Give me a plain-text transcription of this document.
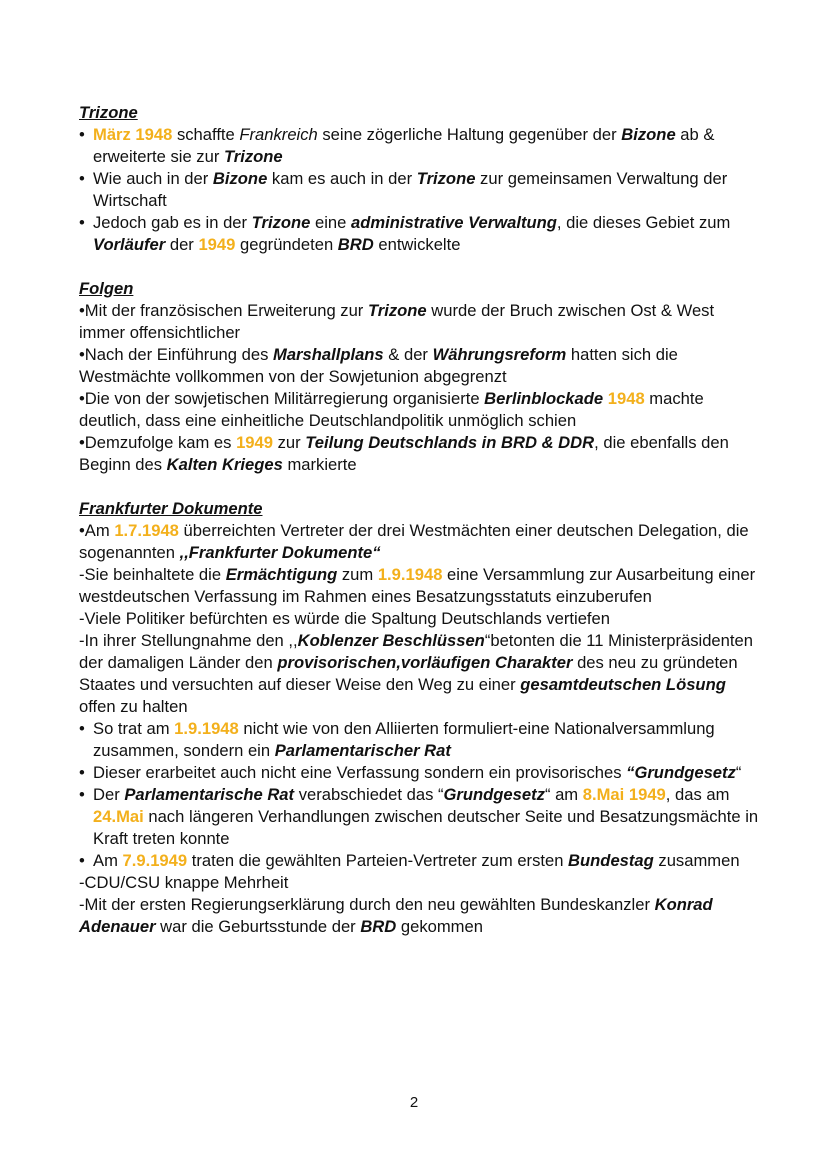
Trizone
• März 1948 schaffte Frankreich seine zögerliche Haltung gegenüber der Bizone ab & erweiterte sie zur Trizone
• Wie auch in der Bizone kam es auch in der Trizone zur gemeinsamen Verwaltung der Wirtschaft
• Jedoch gab es in der Trizone eine administrative Verwaltung, die dieses Gebiet zum Vorläufer der 1949 gegründeten BRD entwickelte
Folgen

•Mit der französischen Erweiterung zur Trizone wurde der Bruch zwischen Ost & West immer offensichtlicher

•Nach der Einführung des Marshallplans & der Währungsreform hatten sich die Westmächte vollkommen von der Sowjetunion abgegrenzt

•Die von der sowjetischen Militärregierung organisierte Berlinblockade 1948 machte deutlich, dass eine einheitliche Deutschlandpolitik unmöglich schien

•Demzufolge kam es 1949 zur Teilung Deutschlands in BRD & DDR, die ebenfalls den Beginn des Kalten Krieges markierte

Frankfurter Dokumente

•Am 1.7.1948 überreichten Vertreter der drei Westmächten einer deutschen Delegation, die sogenannten ,,Frankfurter Dokumente“

-Sie beinhaltete die Ermächtigung zum 1.9.1948 eine Versammlung zur Ausarbeitung einer westdeutschen Verfassung im Rahmen eines Besatzungsstatuts einzuberufen

-Viele Politiker befürchten es würde die Spaltung Deutschlands vertiefen

-In ihrer Stellungnahme den ,,Koblenzer Beschlüssen“betonten die 11 Ministerpräsidenten der damaligen Länder den provisorischen,vorläufigen Charakter des neu zu gründeten Staates und versuchten auf dieser Weise den Weg zu einer gesamtdeutschen Lösung offen zu halten

• So trat am 1.9.1948 nicht wie von den Alliierten formuliert-eine Nationalversammlung zusammen, sondern ein Parlamentarischer Rat
• Dieser erarbeitet auch nicht eine Verfassung sondern ein provisorisches “Grundgesetz“
• Der Parlamentarische Rat verabschiedet das “Grundgesetz“ am 8.Mai 1949, das am 24.Mai nach längeren Verhandlungen zwischen deutscher Seite und Besatzungsmächte in Kraft treten konnte
• Am 7.9.1949 traten die gewählten Parteien-Vertreter zum ersten Bundestag zusammen

-CDU/CSU knappe Mehrheit

-Mit der ersten Regierungserklärung durch den neu gewählten Bundeskanzler Konrad Adenauer war die Geburtsstunde der BRD gekommen

2
